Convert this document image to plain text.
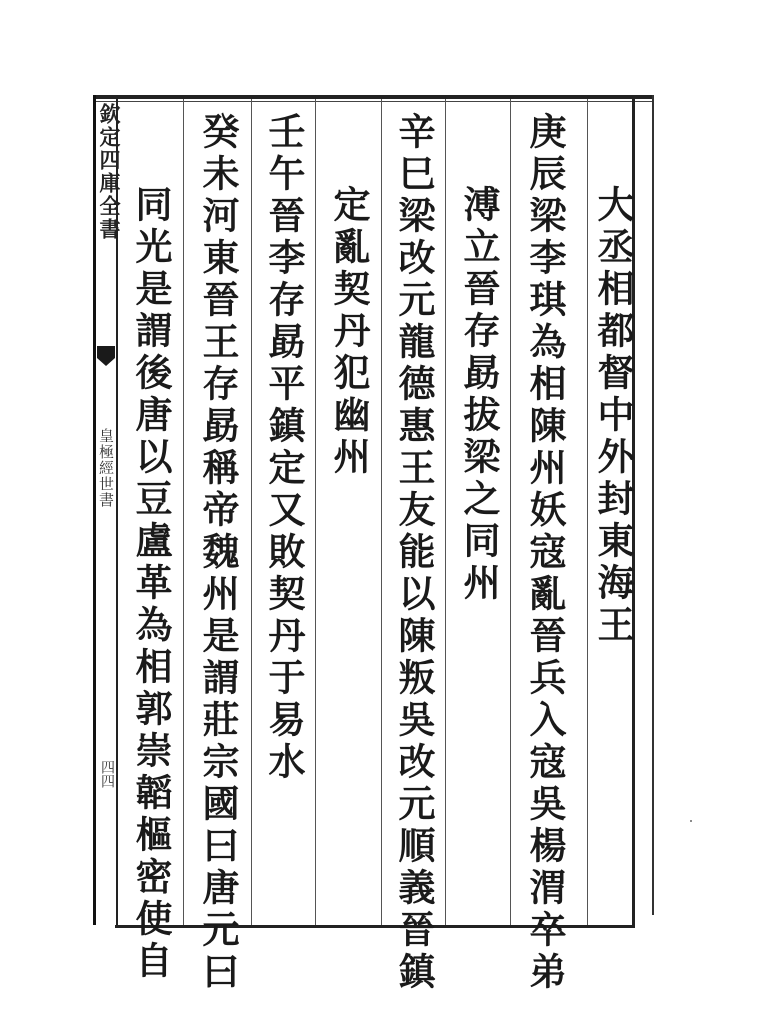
大丞相都督中外封東海王
庚辰梁李琪為相陳州妖寇亂晉兵入寇吳楊渭卒弟
溥立晉存勗拔梁之同州
辛巳梁改元龍德惠王友能以陳叛吳改元順義晉鎮
定亂契丹犯幽州
壬午晉李存勗平鎮定又敗契丹于易水
癸未河東晉王存勗稱帝魏州是謂莊宗國曰唐元曰
同光是謂後唐以豆盧革為相郭崇韜樞密使自
欽定四庫全書
皇極經世書
四四
